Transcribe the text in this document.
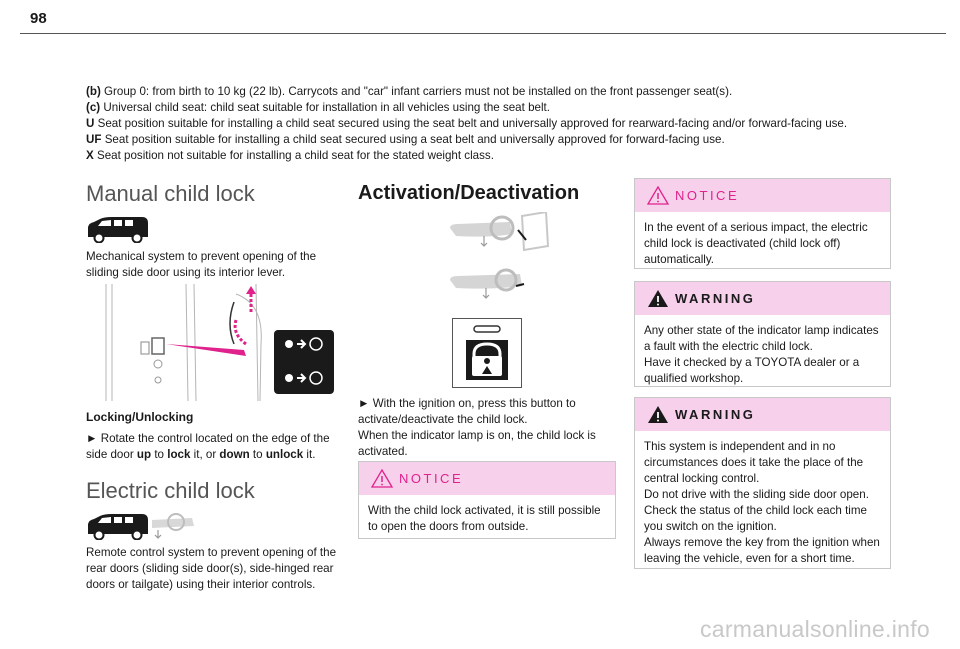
98
(b) Group 0: from birth to 10 kg (22 lb). Carrycots and "car" infant carriers must not be installed on the front passenger seat(s).
(c) Universal child seat: child seat suitable for installation in all vehicles using the seat belt.
U Seat position suitable for installing a child seat secured using the seat belt and universally approved for rearward-facing and/or forward-facing use.
UF Seat position suitable for installing a child seat secured using a seat belt and universally approved for forward-facing use.
X Seat position not suitable for installing a child seat for the stated weight class.
Manual child lock
Mechanical system to prevent opening of the sliding side door using its interior lever.
Locking/Unlocking
► Rotate the control located on the edge of the side door up to lock it, or down to unlock it.
Electric child lock
Remote control system to prevent opening of the rear doors (sliding side door(s), side-hinged rear doors or tailgate) using their interior controls.
Activation/Deactivation
► With the ignition on, press this button to activate/deactivate the child lock.
When the indicator lamp is on, the child lock is activated.
NOTICE
With the child lock activated, it is still possible to open the doors from outside.
NOTICE
In the event of a serious impact, the electric child lock is deactivated (child lock off) automatically.
WARNING
Any other state of the indicator lamp indicates a fault with the electric child lock.
Have it checked by a TOYOTA dealer or a qualified workshop.
WARNING
This system is independent and in no circumstances does it take the place of the central locking control.
Do not drive with the sliding side door open.
Check the status of the child lock each time you switch on the ignition.
Always remove the key from the ignition when leaving the vehicle, even for a short time.
carmanualsonline.info
